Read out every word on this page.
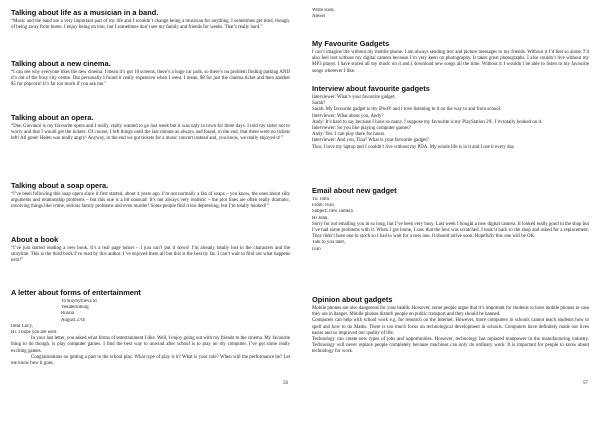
Talking about life as a musician in a band.

“Music and the band are a very important part of my life and I wouldn’t change being a musician for anything. I sometimes get tired, though, of being away from home. I enjoy being on tour, but I sometimes don’t see my family and friends for weeks. That’s really hard.”

Talking about a new cinema.

“I can see why everyone likes the new cinema. I mean it’s got 10 screens, there’s a huge car park, so there’s no problem finding parking AND it’s out of the busy city centre. But personally I found it really expensive when I went. I mean, $8 for just the cinema ticket and then another $5 for popcorn! It’s far too much if you ask me.”

Talking about an opera.

“Don Giovanni is my favourite opera and I really, really wanted to go last week but it was only in town for three days. I told my sister not to worry and that I would get the tickets. Of course, I left things until the last minute as always and found, in the end, that there were no tickets left! All gone! Helen was really angry! Anyway, in the end we got tickets for a music concert instead and, you know, we really enjoyed it!”

Talking about a soap opera.

“I’ve been following this soap opera since it first started, about 4 years ago. I’m not normally a fan of soaps – you know, the ones about silly arguments and relationship problems – but this one is a bit unusual! It’s not always very realistic – the plot lines are often really dramatic, involving things like crime, serious family problems and even murder! Some people find it too depressing, but I’m totally hooked!”

About a book

“I’ve just started reading a new book. It’s a real page turner – I just can’t put it down! I’m already totally lost in the characters and the storyline. This is the third book I’ve read by this author. I’ve enjoyed them all but this is the best by far. I can’t wait to find out what happens next!”

A letter about forms of entertainment
16 Kuybysheva St
Yekaterinburg
Russia
August 27th
Dear Lucy,
Hi. I hope you are well.

In your last letter, you asked what forms of entertainment I like. Well, I enjoy going out with my friends to the cinema. My favourite thing to do though, is play computer games. I find the best way to unwind after school is to play on my computer. I’ve got some really exciting games.

Congratulations on getting a part in the school play. What type of play is it? What is your role? When will the performance be? Let me know how it goes.

56
Write soon,
Alexei
My Favourite Gadgets

I can’t imagine life without my mobile phone. I am always sending text and picture messages to my friends. Without it I’d feel so alone. I’d also feel lost without my digital camera because I’m very keen on photography. It takes great photographs. I also couldn’t live without my MP3 player. I have stored all my music on it and I download new songs all the time. Without it I wouldn’t be able to listen to my favourite songs wherever I like.

Interview about favourite gadgets

Interviewer: What’s your favourite gadget,

Sarah?

Sarah: My favourite gadget is my iPod® and I love listening to it on the way to and from school.

Interviewer: What about you, Andy?

Andy: It’s hard to say because I have so many. I suppose my favourite is my PlayStation 2®. I’m totally hooked on it.

Interviewer: So you like playing computer games?

Andy: Yes. I can play there for hours.

Interviewer: And you, Tina? What is your favourite gadget?

Tina: I love my laptop and I couldn’t live without my PDA. My whole life is in it and I use it every day.

Email about new gadget
To: John
From: Ivan
Subject: new camera
Hi John,

Sorry for not emailing you in so long, but I’ve been very busy. Last week I bought a new digital camera. It looked really good in the shop but I’ve had some problems with it. When I got home, I saw that the lens was scratched. I took it back to the shop and asked for a replacement. They didn’t have one in stock so I had to wait for a new one. It should arrive soon. Hopefully this one will be OK.

Talk to you later,
Ivan
Opinion about gadgets

Mobile phones are also dangerous for your health. However, some people argue that it’s important for students to have mobile phones in case they are in danger. Mobile phones disturb people on public transport and they should be banned.

Computers can help with school work e.g. for research on the Internet. However, more computers in schools cannot teach students how to spell and how to do Maths. There is too much focus on technological development in schools. Computers have definitely made our lives easier and so improved our quality of life.

Technology can create new types of jobs and opportunities. However, technology has replaced manpower in the manufacturing industry. Technology will never replace people completely because machines can only do ordinary work. It is important for people to know about technology for work.

57
